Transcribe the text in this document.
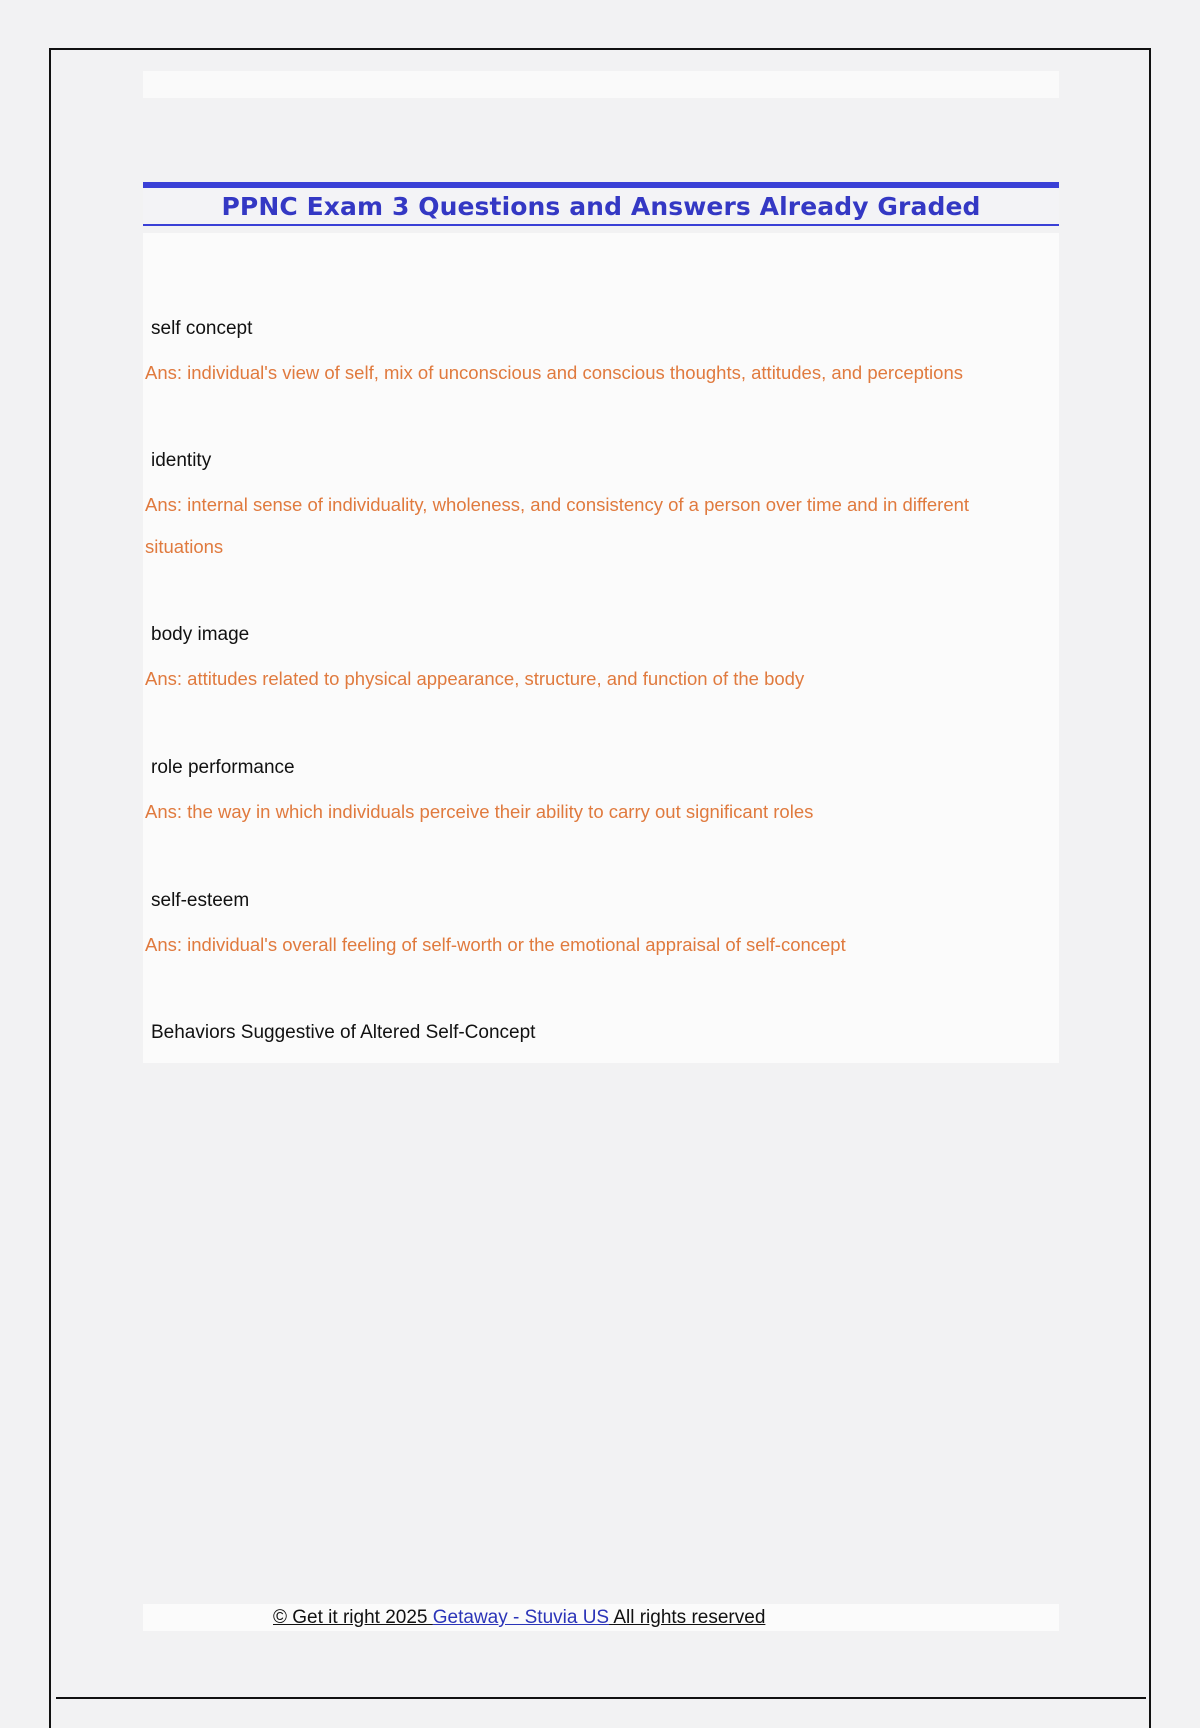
PPNC Exam 3 Questions and Answers Already Graded
self concept
Ans: individual's view of self, mix of unconscious and conscious thoughts, attitudes, and perceptions
identity
Ans: internal sense of individuality, wholeness, and consistency of a person over time and in different situations
body image
Ans: attitudes related to physical appearance, structure, and function of the body
role performance
Ans: the way in which individuals perceive their ability to carry out significant roles
self-esteem
Ans: individual's overall feeling of self-worth or the emotional appraisal of self-concept
Behaviors Suggestive of Altered Self-Concept
© Get it right 2025 Getaway - Stuvia US All rights reserved
